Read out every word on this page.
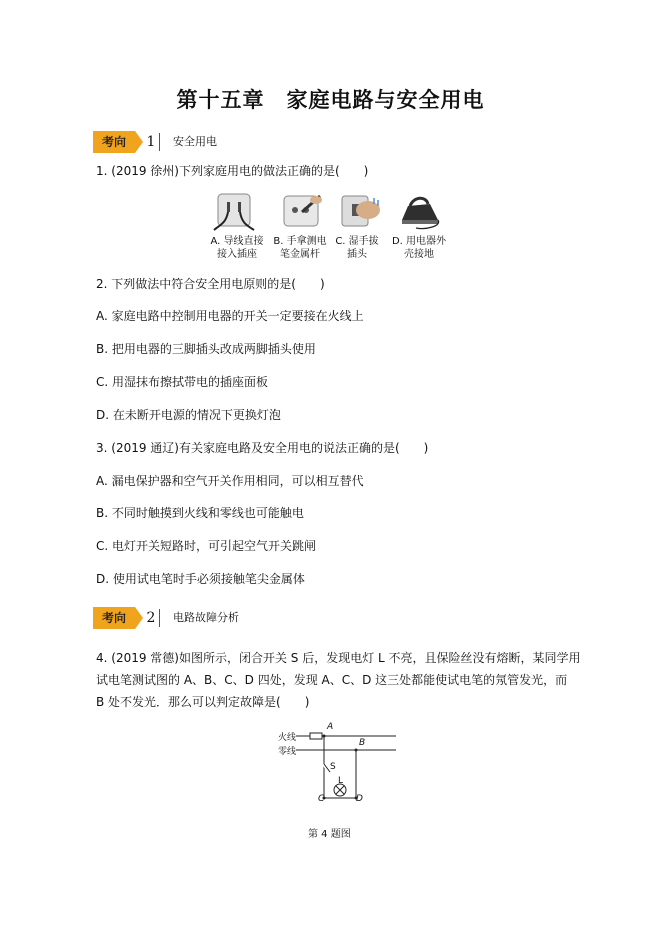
第十五章　家庭电路与安全用电
考向	1	安全用电
1. (2019 徐州)下列家庭用电的做法正确的是(　　)
A. 导线直接
接入插座
B. 手拿测电
笔金属杆
C. 湿手拔
插头
D. 用电器外
壳接地
2. 下列做法中符合安全用电原则的是(　　)
A. 家庭电路中控制用电器的开关一定要接在火线上
B. 把用电器的三脚插头改成两脚插头使用
C. 用湿抹布擦拭带电的插座面板
D. 在未断开电源的情况下更换灯泡
3. (2019 通辽)有关家庭电路及安全用电的说法正确的是(　　)
A. 漏电保护器和空气开关作用相同，可以相互替代
B. 不同时触摸到火线和零线也可能触电
C. 电灯开关短路时，可引起空气开关跳闸
D. 使用试电笔时手必须接触笔尖金属体
考向	2	电路故障分析
4. (2019 常德)如图所示，闭合开关 S 后，发现电灯 L 不亮，且保险丝没有熔断，某同学用
试电笔测试图的 A、B、C、D 四处，发现 A、C、D 这三处都能使试电笔的氖管发光，而
B 处不发光．那么可以判定故障是(　　)
火线
零线
A
B
S
L
C	D
第 4 题图
